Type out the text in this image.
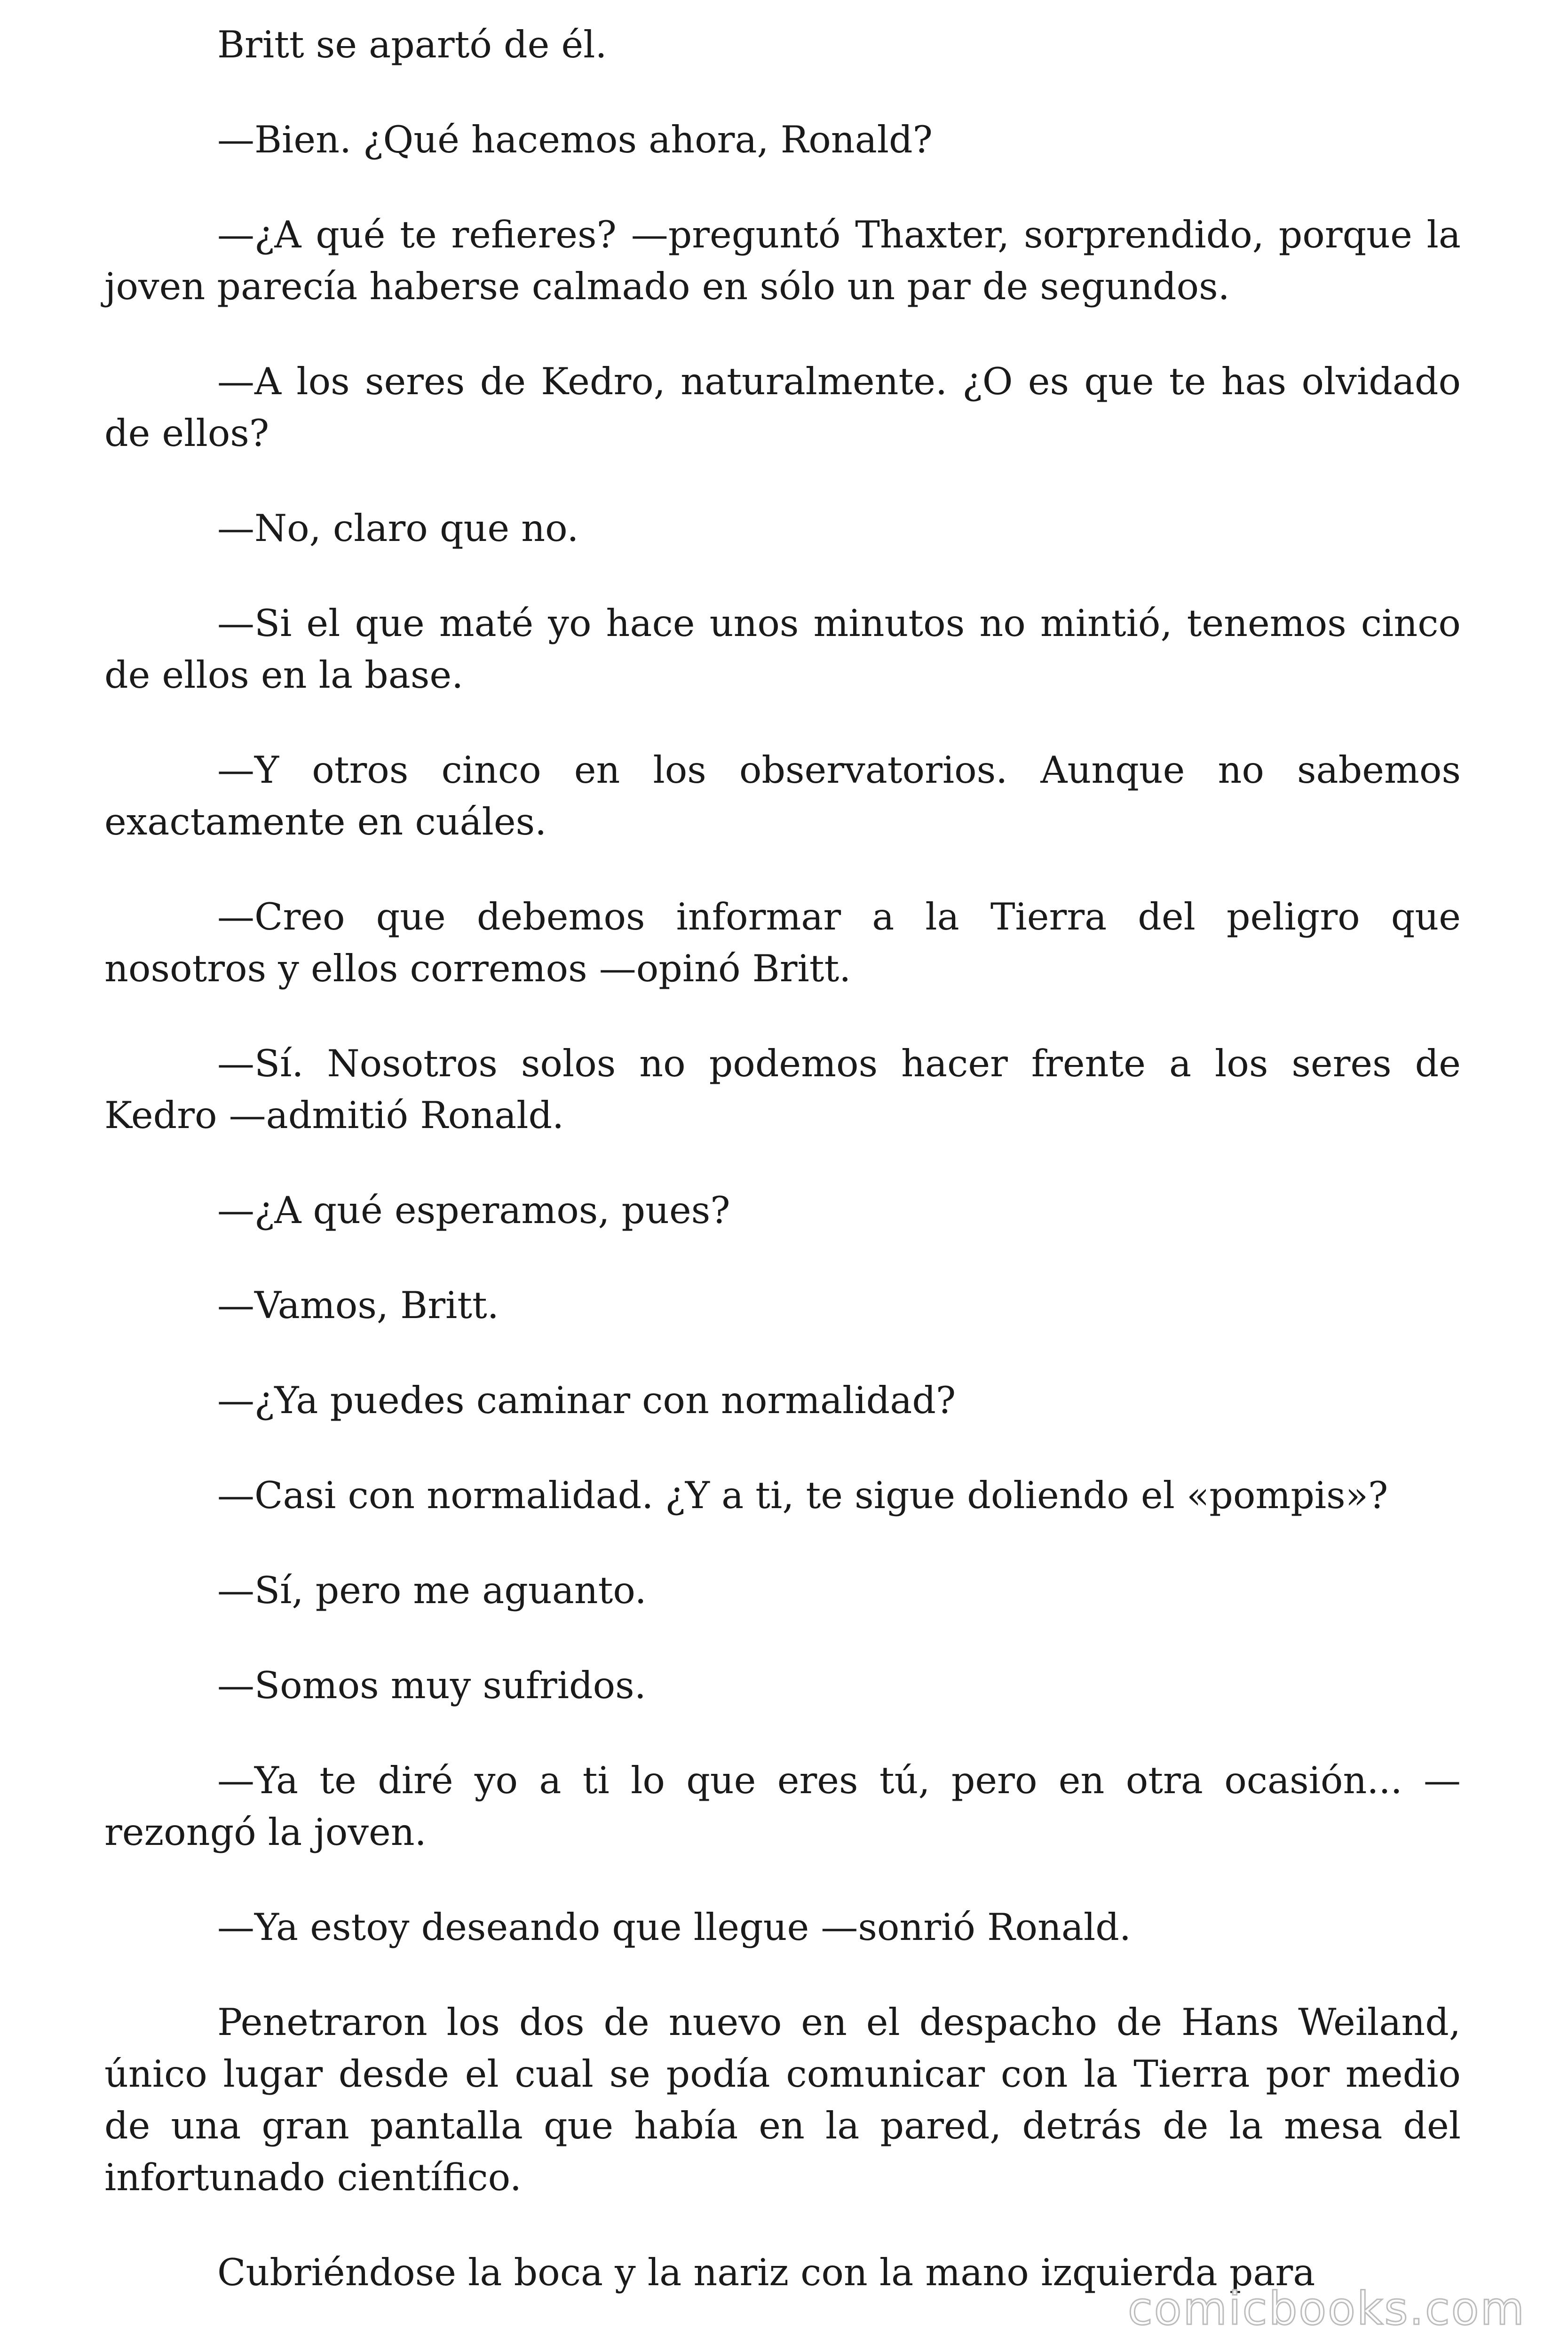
Britt se apartó de él.

—Bien. ¿Qué hacemos ahora, Ronald?

—¿A qué te refieres? —preguntó Thaxter, sorprendido, porque la joven parecía haberse calmado en sólo un par de segundos.

—A los seres de Kedro, naturalmente. ¿O es que te has olvidado de ellos?

—No, claro que no.

—Si el que maté yo hace unos minutos no mintió, tenemos cinco de ellos en la base.

—Y otros cinco en los observatorios. Aunque no sabemos exactamente en cuáles.

—Creo que debemos informar a la Tierra del peligro que nosotros y ellos corremos —opinó Britt.

—Sí. Nosotros solos no podemos hacer frente a los seres de Kedro —admitió Ronald.

—¿A qué esperamos, pues?

—Vamos, Britt.

—¿Ya puedes caminar con normalidad?

—Casi con normalidad. ¿Y a ti, te sigue doliendo el «pompis»?

—Sí, pero me aguanto.

—Somos muy sufridos.

—Ya te diré yo a ti lo que eres tú, pero en otra ocasión... —rezongó la joven.

—Ya estoy deseando que llegue —sonrió Ronald.

Penetraron los dos de nuevo en el despacho de Hans Weiland, único lugar desde el cual se podía comunicar con la Tierra por medio de una gran pantalla que había en la pared, detrás de la mesa del infortunado científico.

Cubriéndose la boca y la nariz con la mano izquierda para

comicbooks.com
